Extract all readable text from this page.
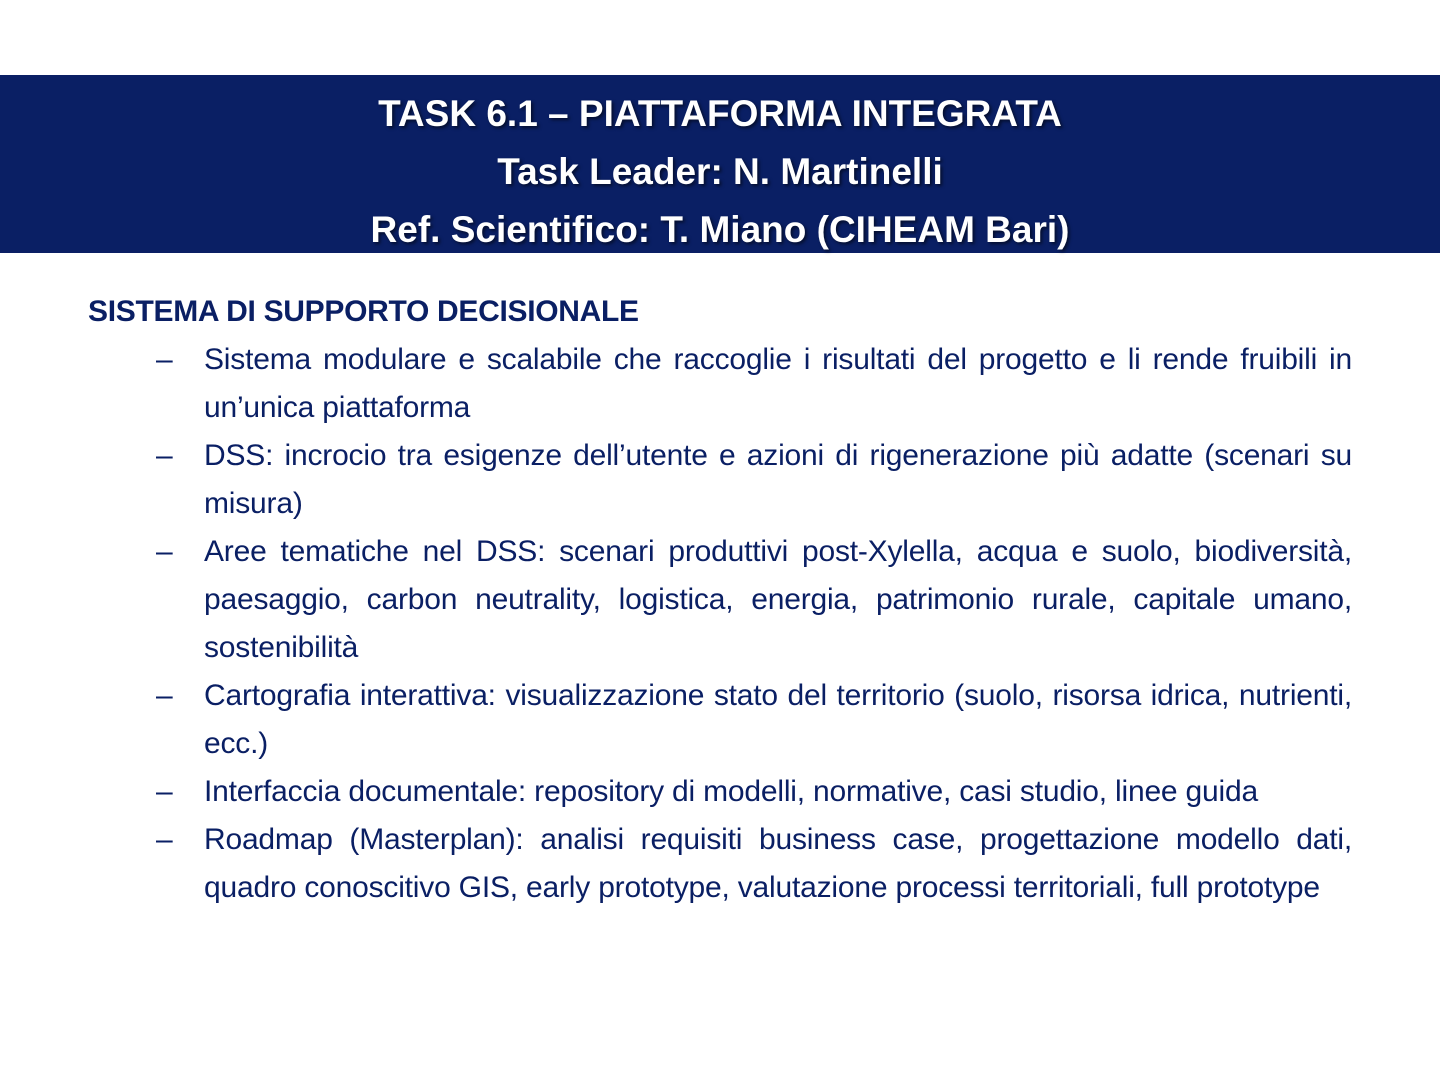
TASK 6.1 – PIATTAFORMA INTEGRATA
Task Leader: N. Martinelli
Ref. Scientifico: T. Miano (CIHEAM Bari)
SISTEMA DI SUPPORTO DECISIONALE
–	Sistema modulare e scalabile che raccoglie i risultati del progetto e li rende fruibili in un’unica piattaforma
–	DSS: incrocio tra esigenze dell’utente e azioni di rigenerazione più adatte (scenari su misura)
–	Aree tematiche nel DSS: scenari produttivi post-Xylella, acqua e suolo, biodiversità, paesaggio, carbon neutrality, logistica, energia, patrimonio rurale, capitale umano, sostenibilità
–	Cartografia interattiva: visualizzazione stato del territorio (suolo, risorsa idrica, nutrienti, ecc.)
–	Interfaccia documentale: repository di modelli, normative, casi studio, linee guida
–	Roadmap (Masterplan): analisi requisiti business case, progettazione modello dati, quadro conoscitivo GIS, early prototype, valutazione processi territoriali, full prototype
